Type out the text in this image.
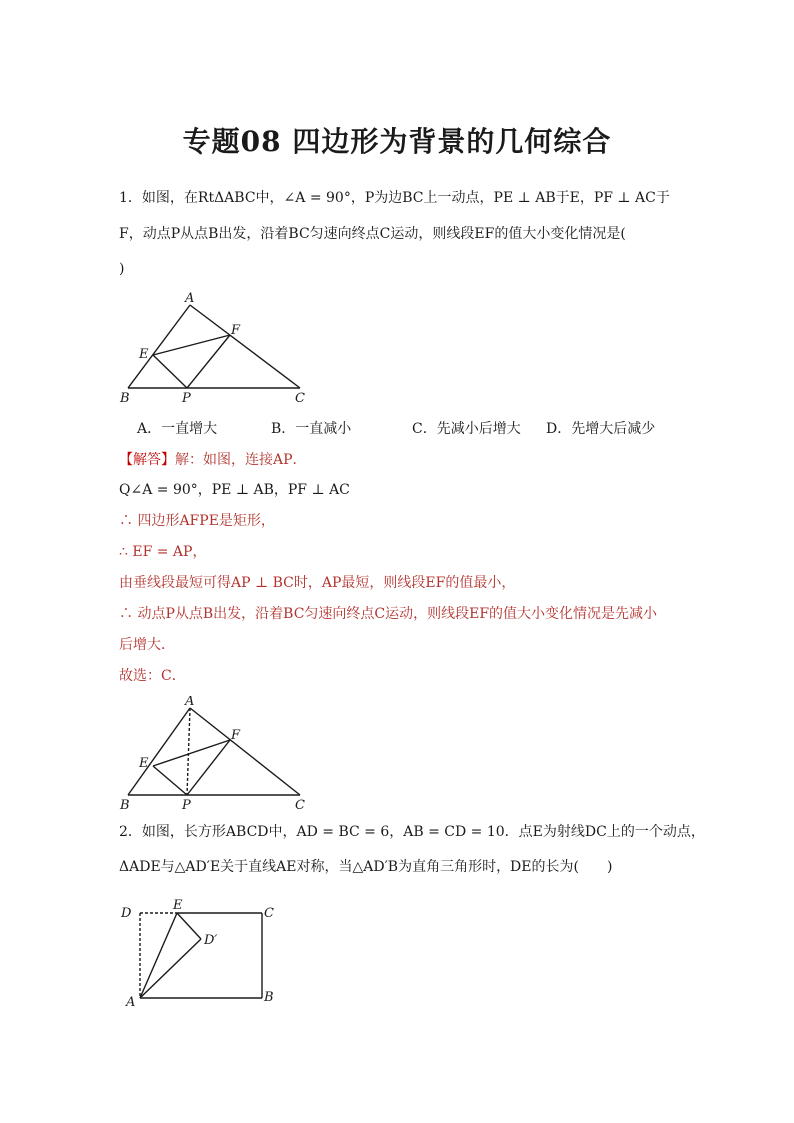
专题08 四边形为背景的几何综合
1．如图，在RtΔABC中，∠A = 90°，P为边BC上一动点，PE ⊥ AB于E，PF ⊥ AC于
F，动点P从点B出发，沿着BC匀速向终点C运动，则线段EF的值大小变化情况是(
)
A
F
E
B	P	C
A．一直增大	B．一直减小	C．先减小后增大 D．先增大后减少
【解答】解：如图，连接AP．
Q∠A = 90°，PE ⊥ AB，PF ⊥ AC
∴ 四边形AFPE是矩形，
∴ EF = AP，
由垂线段最短可得AP ⊥ BC时，AP最短，则线段EF的值最小，
∴ 动点P从点B出发，沿着BC匀速向终点C运动，则线段EF的值大小变化情况是先减小
后增大．
故选：C．
A
F
E
B	P	C
2．如图，长方形ABCD中，AD = BC = 6，AB = CD = 10．点E为射线DC上的一个动点，
ΔADE与△AD′E关于直线AE对称，当△AD′B为直角三角形时，DE的长为(　　)
D
E
C
D′
A	B
